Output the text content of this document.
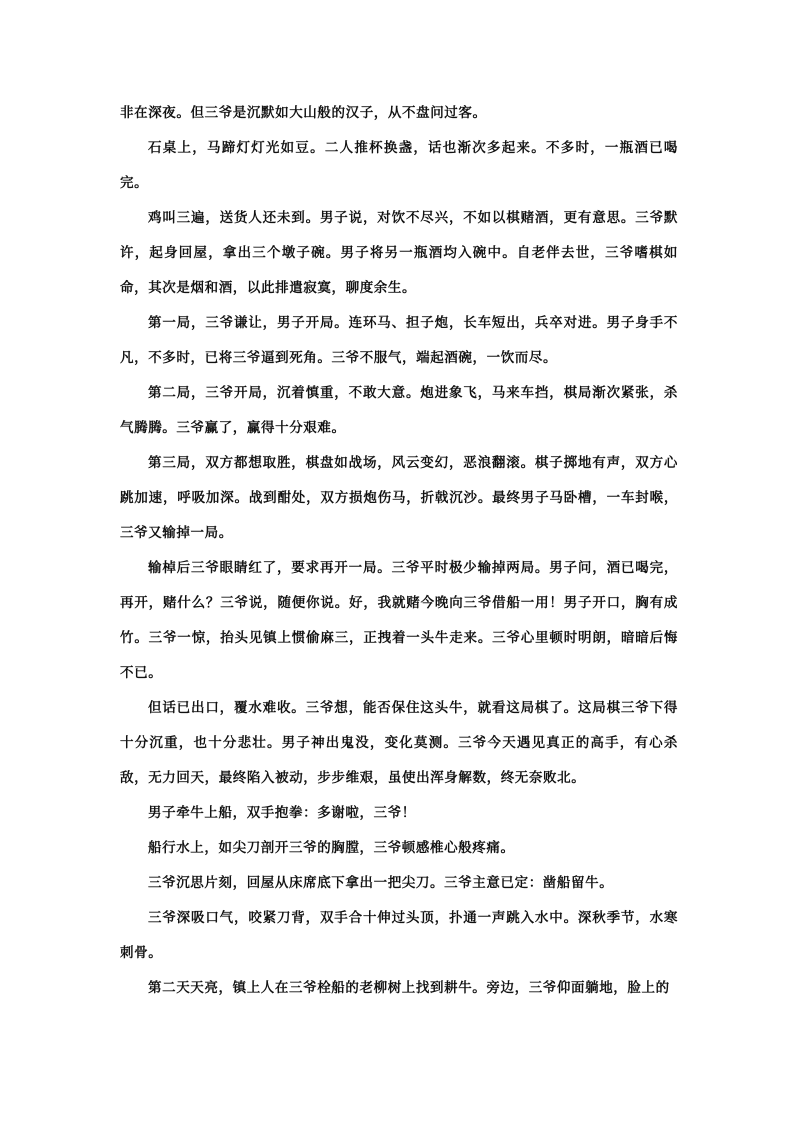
非在深夜。但三爷是沉默如大山般的汉子，从不盘问过客。

石桌上，马蹄灯灯光如豆。二人推杯换盏，话也渐次多起来。不多时，一瓶酒已喝完。

鸡叫三遍，送货人还未到。男子说，对饮不尽兴，不如以棋赌酒，更有意思。三爷默许，起身回屋，拿出三个墩子碗。男子将另一瓶酒均入碗中。自老伴去世，三爷嗜棋如命，其次是烟和酒，以此排遣寂寞，聊度余生。

第一局，三爷谦让，男子开局。连环马、担子炮，长车短出，兵卒对进。男子身手不凡，不多时，已将三爷逼到死角。三爷不服气，端起酒碗，一饮而尽。

第二局，三爷开局，沉着慎重，不敢大意。炮进象飞，马来车挡，棋局渐次紧张，杀气腾腾。三爷赢了，赢得十分艰难。

第三局，双方都想取胜，棋盘如战场，风云变幻，恶浪翻滚。棋子掷地有声，双方心跳加速，呼吸加深。战到酣处，双方损炮伤马，折戟沉沙。最终男子马卧槽，一车封喉，三爷又输掉一局。

输棹后三爷眼睛红了，要求再开一局。三爷平时极少输掉两局。男子问，酒已喝完，再开，赌什么？三爷说，随便你说。好，我就赌今晚向三爷借船一用！男子开口，胸有成竹。三爷一惊，抬头见镇上惯偷麻三，正拽着一头牛走来。三爷心里顿时明朗，暗暗后悔不已。

但话已出口，覆水难收。三爷想，能否保住这头牛，就看这局棋了。这局棋三爷下得十分沉重，也十分悲壮。男子神出鬼没，变化莫测。三爷今天遇见真正的高手，有心杀敌，无力回天，最终陷入被动，步步维艰，虽使出浑身解数，终无奈败北。

男子牵牛上船，双手抱拳：多谢啦，三爷！

船行水上，如尖刀剖开三爷的胸膛，三爷顿感椎心般疼痛。

三爷沉思片刻，回屋从床席底下拿出一把尖刀。三爷主意已定：凿船留牛。

三爷深吸口气，咬紧刀背，双手合十伸过头顶，扑通一声跳入水中。深秋季节，水寒刺骨。

第二天天亮，镇上人在三爷栓船的老柳树上找到耕牛。旁边，三爷仰面躺地，脸上的
